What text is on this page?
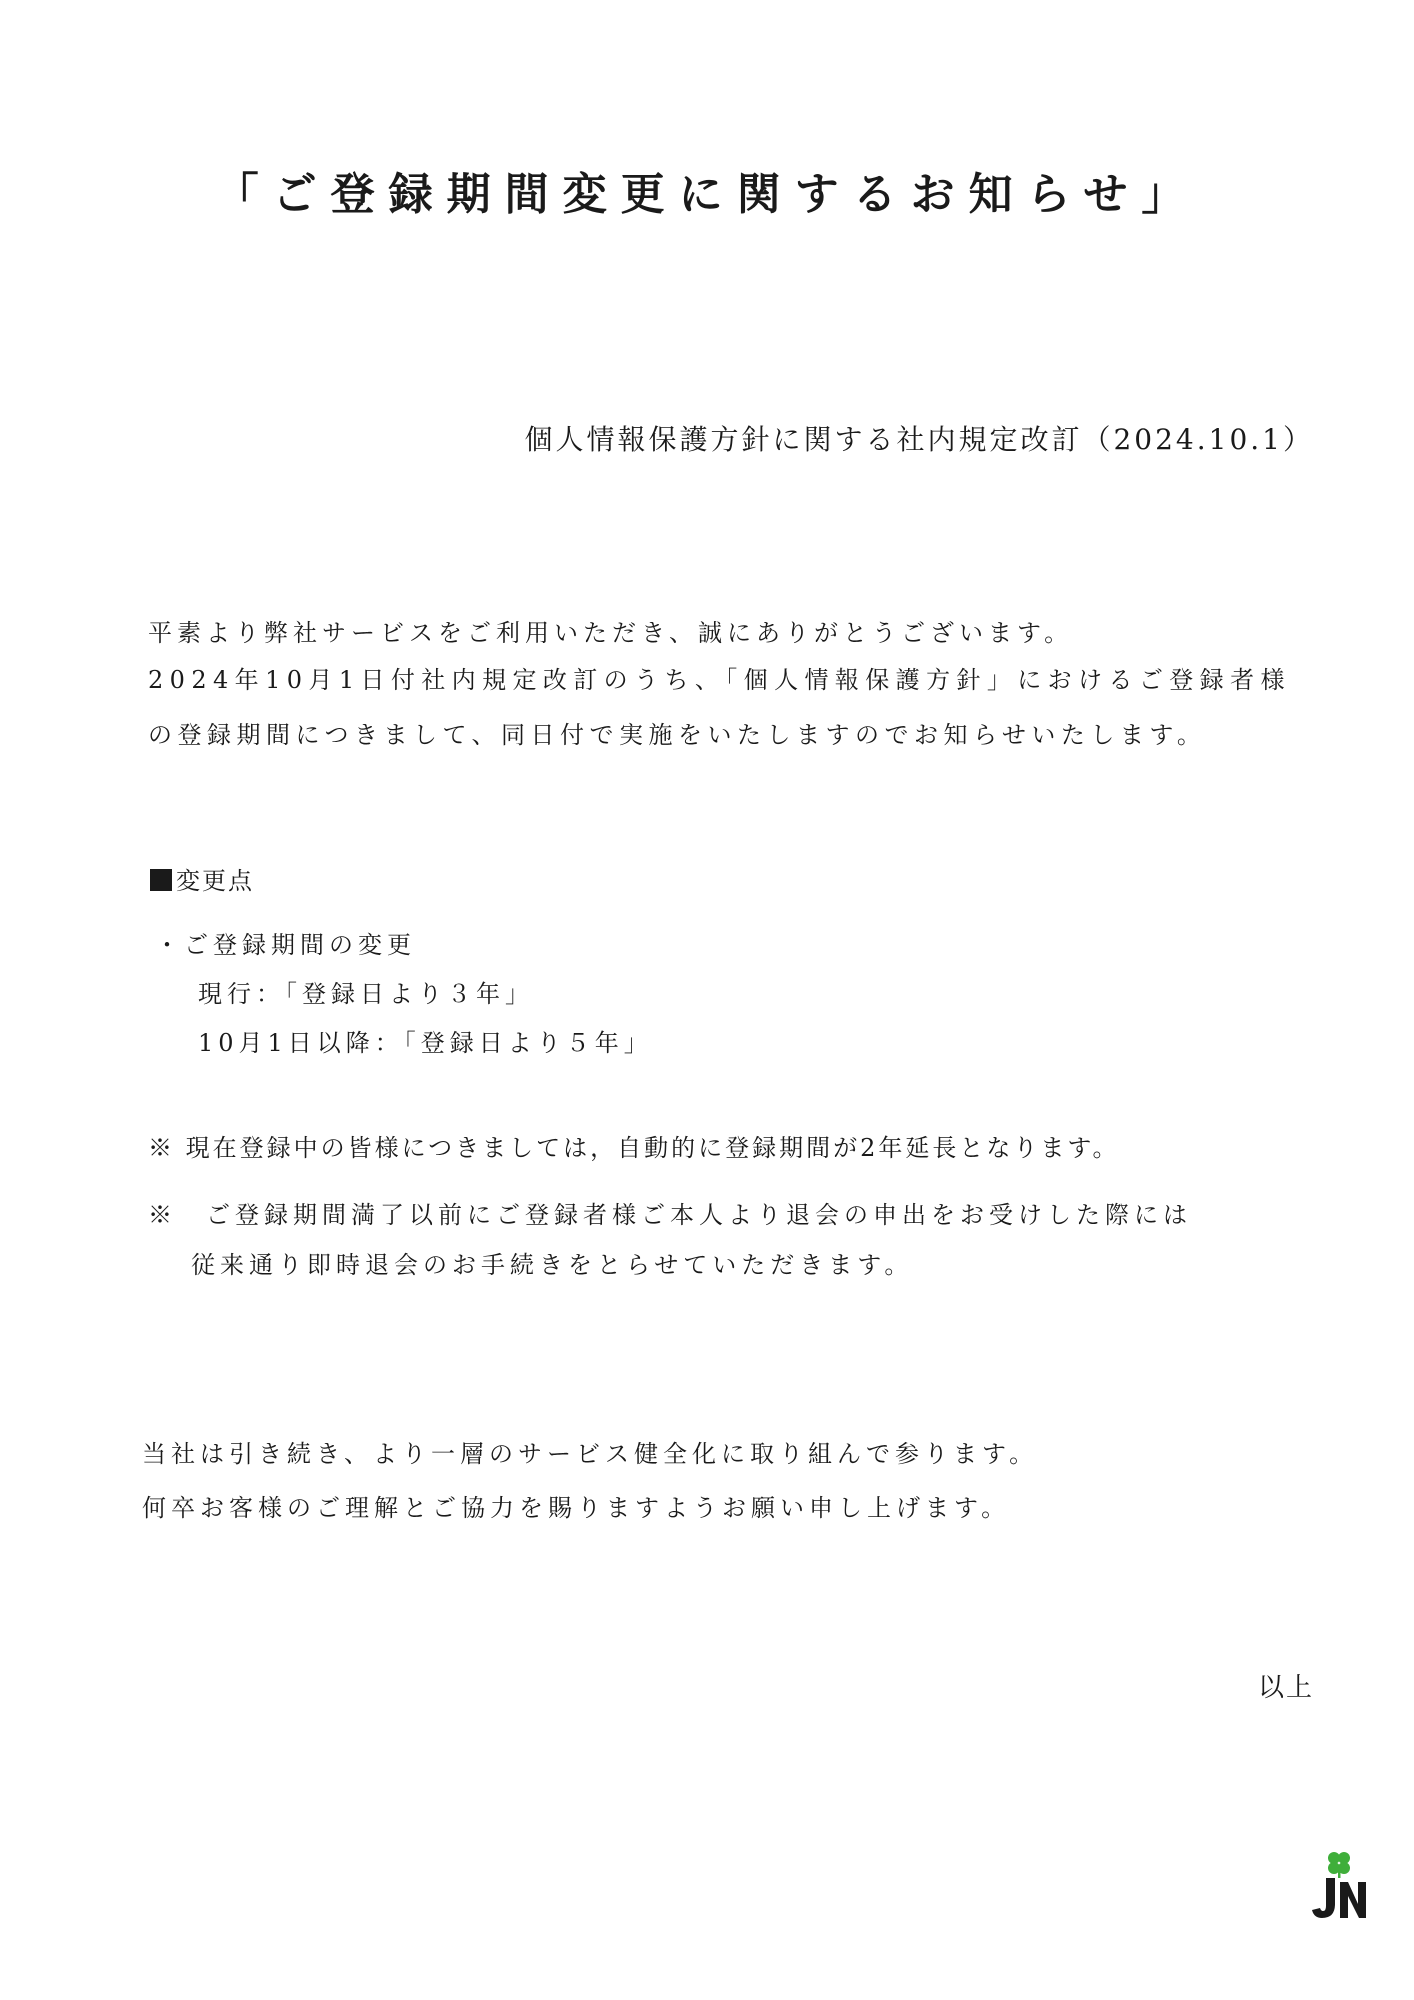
「ご登録期間変更に関するお知らせ」

個人情報保護方針に関する社内規定改訂（2024.10.1）

平素より弊社サービスをご利用いただき、誠にありがとうございます。

2024年10月1日付社内規定改訂のうち、「個人情報保護方針」におけるご登録者様

の登録期間につきまして、同日付で実施をいたしますのでお知らせいたします。

変更点

・ご登録期間の変更

現行：「登録日より３年」

10月1日以降：「登録日より５年」

※ 現在登録中の皆様につきましては，自動的に登録期間が2年延長となります。

※　ご登録期間満了以前にご登録者様ご本人より退会の申出をお受けした際には

従来通り即時退会のお手続きをとらせていただきます。

当社は引き続き、より一層のサービス健全化に取り組んで参ります。

何卒お客様のご理解とご協力を賜りますようお願い申し上げます。

以上
